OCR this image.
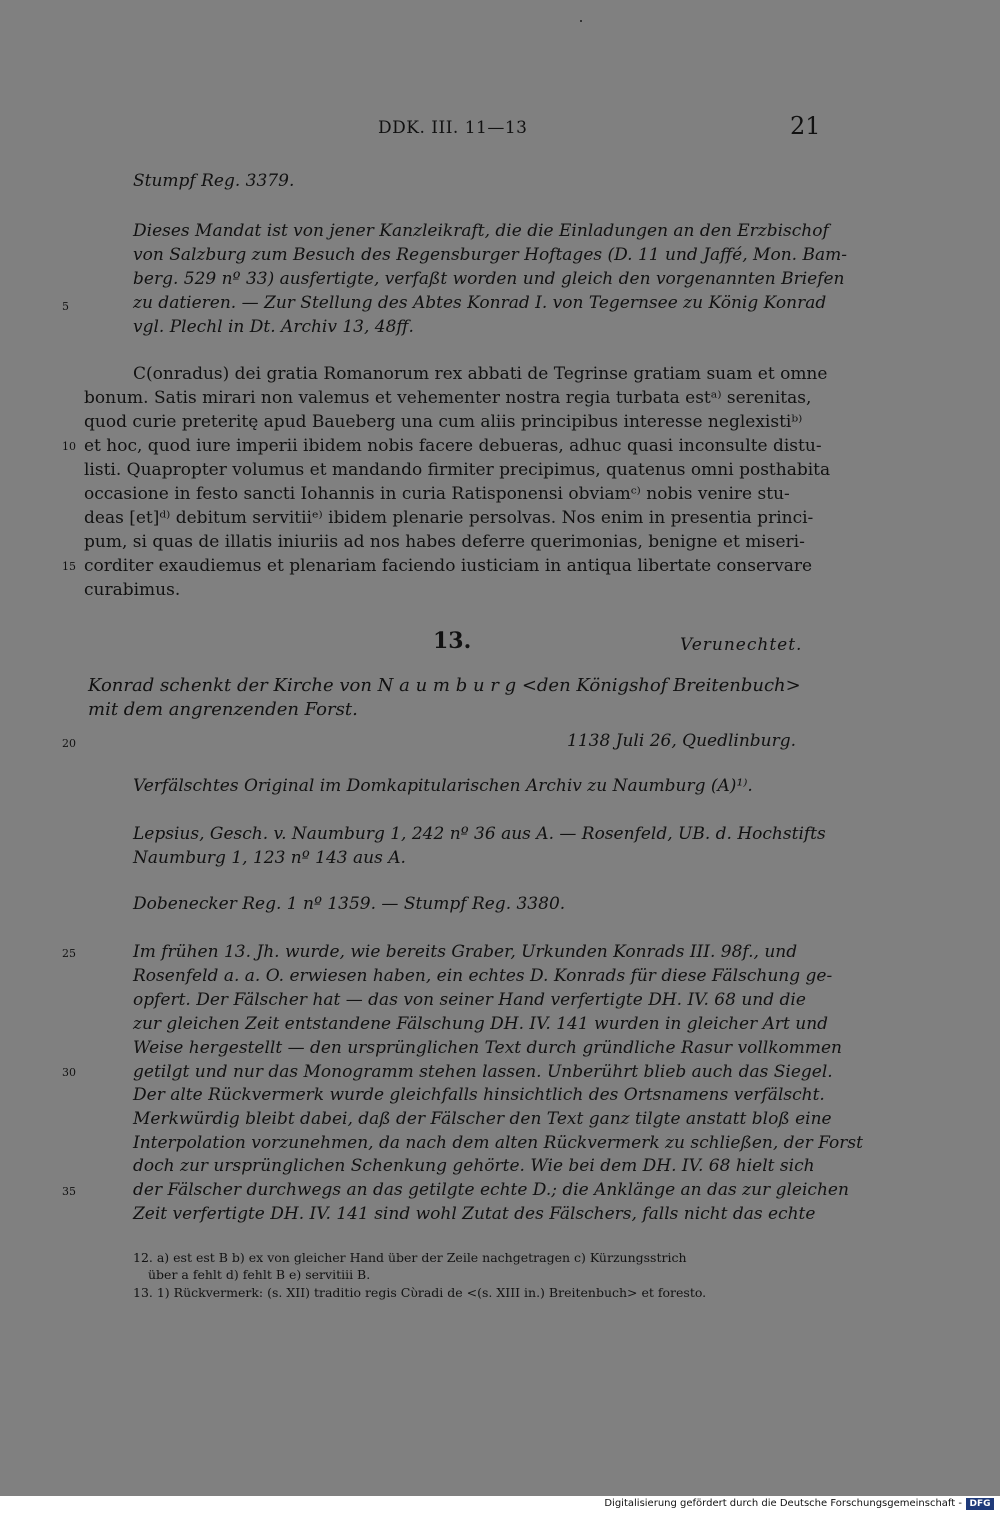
DDK. III. 11—13	21
Stumpf Reg. 3379.
Dieses Mandat ist von jener Kanzleikraft, die die Einladungen an den Erzbischof
von Salzburg zum Besuch des Regensburger Hoftages (D. 11 und Jaffé, Mon. Bam-
berg. 529 nº 33) ausfertigte, verfaßt worden und gleich den vorgenannten Briefen
zu datieren. — Zur Stellung des Abtes Konrad I. von Tegernsee zu König Konrad
vgl. Plechl in Dt. Archiv 13, 48ff.
C(onradus) dei gratia Romanorum rex abbati de Tegrinse gratiam suam et omne
bonum. Satis mirari non valemus et vehementer nostra regia turbata estᵃ⁾ serenitas,
quod curie preteritę apud Baueberg una cum aliis principibus interesse neglexistiᵇ⁾
et hoc, quod iure imperii ibidem nobis facere debueras, adhuc quasi inconsulte distu-
listi. Quapropter volumus et mandando firmiter precipimus, quatenus omni posthabita
occasione in festo sancti Iohannis in curia Ratisponensi obviamᶜ⁾ nobis venire stu-
deas [et]ᵈ⁾ debitum servitiiᵉ⁾ ibidem plenarie persolvas. Nos enim in presentia princi-
pum, si quas de illatis iniuriis ad nos habes deferre querimonias, benigne et miseri-
corditer exaudiemus et plenariam faciendo iusticiam in antiqua libertate conservare
curabimus.
13.	Verunechtet.
Konrad schenkt der Kirche von N a u m b u r g <den Königshof Breitenbuch>
mit dem angrenzenden Forst.
1138 Juli 26, Quedlinburg.
Verfälschtes Original im Domkapitularischen Archiv zu Naumburg (A)¹⁾.
Lepsius, Gesch. v. Naumburg 1, 242 nº 36 aus A. — Rosenfeld, UB. d. Hochstifts
Naumburg 1, 123 nº 143 aus A.
Dobenecker Reg. 1 nº 1359. — Stumpf Reg. 3380.
Im frühen 13. Jh. wurde, wie bereits Graber, Urkunden Konrads III. 98f., und
Rosenfeld a. a. O. erwiesen haben, ein echtes D. Konrads für diese Fälschung ge-
opfert. Der Fälscher hat — das von seiner Hand verfertigte DH. IV. 68 und die
zur gleichen Zeit entstandene Fälschung DH. IV. 141 wurden in gleicher Art und
Weise hergestellt — den ursprünglichen Text durch gründliche Rasur vollkommen
getilgt und nur das Monogramm stehen lassen. Unberührt blieb auch das Siegel.
Der alte Rückvermerk wurde gleichfalls hinsichtlich des Ortsnamens verfälscht.
Merkwürdig bleibt dabei, daß der Fälscher den Text ganz tilgte anstatt bloß eine
Interpolation vorzunehmen, da nach dem alten Rückvermerk zu schließen, der Forst
doch zur ursprünglichen Schenkung gehörte. Wie bei dem DH. IV. 68 hielt sich
der Fälscher durchwegs an das getilgte echte D.; die Anklänge an das zur gleichen
Zeit verfertigte DH. IV. 141 sind wohl Zutat des Fälschers, falls nicht das echte
5
10
15
20
25
30
35
12. a) est est B b) ex von gleicher Hand über der Zeile nachgetragen c) Kürzungsstrich
über a fehlt d) fehlt B e) servitiii B.
13. 1) Rückvermerk: (s. XII) traditio regis Cὺradi de <(s. XIII in.) Breitenbuch> et foresto.
Digitalisierung gefördert durch die Deutsche Forschungsgemeinschaft - DFG
